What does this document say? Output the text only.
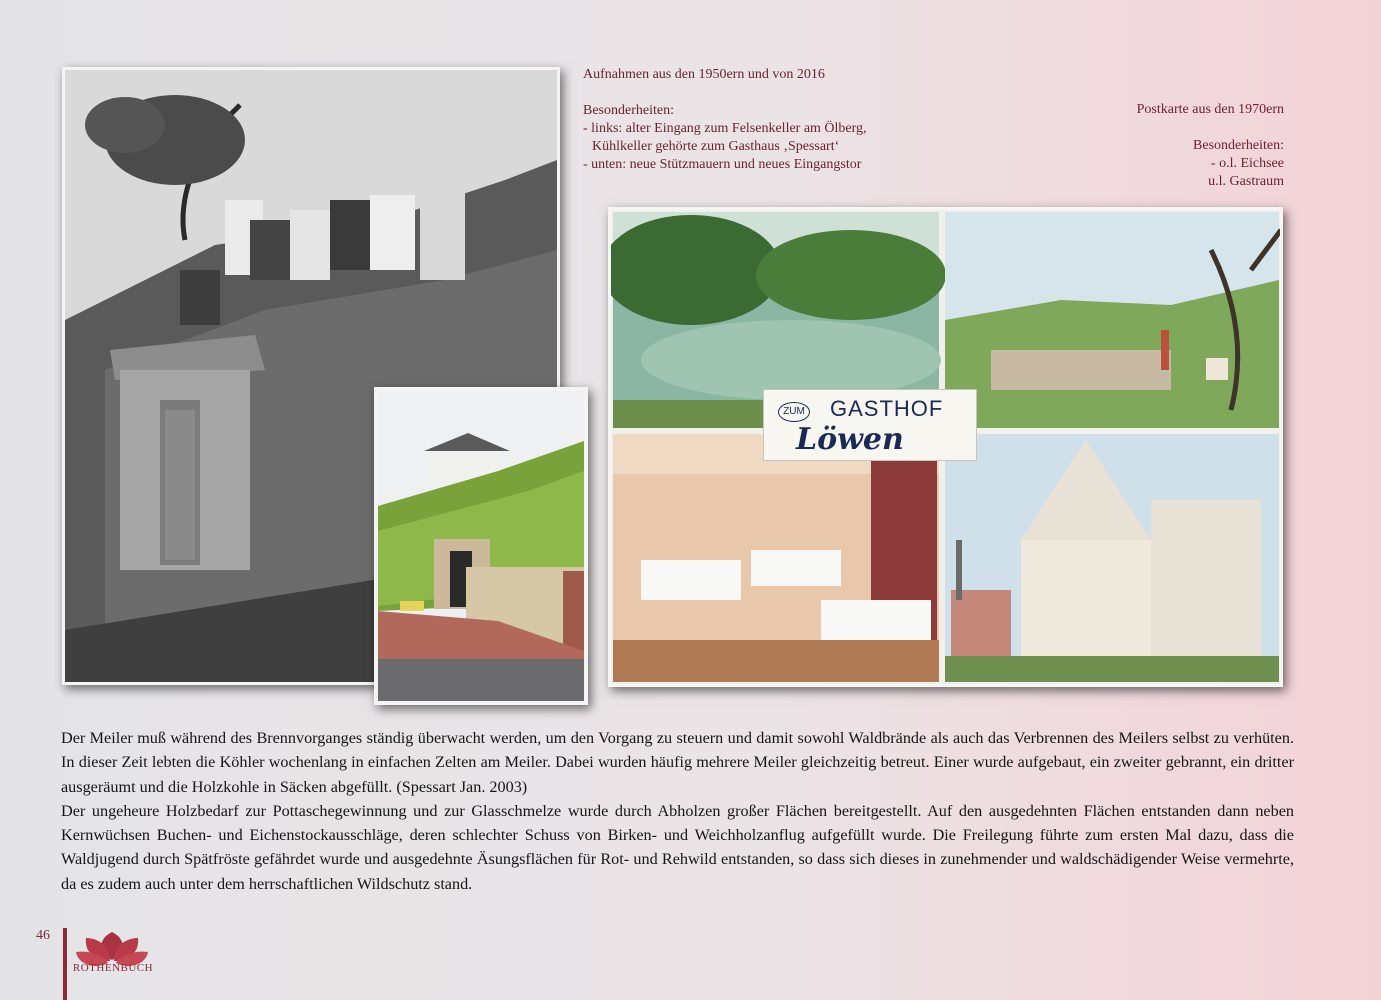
ZUM GASTHOF
Löwen
Aufnahmen aus den 1950ern und von 2016
Besonderheiten:
- links: alter Eingang zum Felsenkeller am Ölberg,
Kühlkeller gehörte zum Gasthaus ‚Spessart‘
- unten: neue Stützmauern und neues Eingangstor
Postkarte aus den 1970ern
Besonderheiten:
- o.l. Eichsee
u.l. Gastraum

Der Meiler muß während des Brennvorganges ständig überwacht werden, um den Vorgang zu steuern und damit sowohl Waldbrände als auch das Verbrennen des Meilers selbst zu verhüten. In dieser Zeit lebten die Köhler wochenlang in einfachen Zelten am Meiler. Dabei wurden häufig mehrere Meiler gleichzeitig betreut. Einer wurde aufgebaut, ein zweiter gebrannt, ein dritter ausgeräumt und die Holzkohle in Säcken abgefüllt. (Spessart Jan. 2003)

Der ungeheure Holzbedarf zur Pottaschegewinnung und zur Glasschmelze wurde durch Abholzen großer Flächen bereitgestellt. Auf den ausgedehnten Flächen entstanden dann neben Kernwüchsen Buchen- und Eichenstockausschläge, deren schlechter Schuss von Birken- und Weichholzanflug aufgefüllt wurde. Die Freilegung führte zum ersten Mal dazu, dass die Waldjugend durch Spätfröste gefährdet wurde und ausgedehnte Äsungsflächen für Rot- und Rehwild entstanden, so dass sich dieses in zunehmender und waldschädigender Weise vermehrte, da es zudem auch unter dem herrschaftlichen Wildschutz stand.

46
ROTHENBUCH
